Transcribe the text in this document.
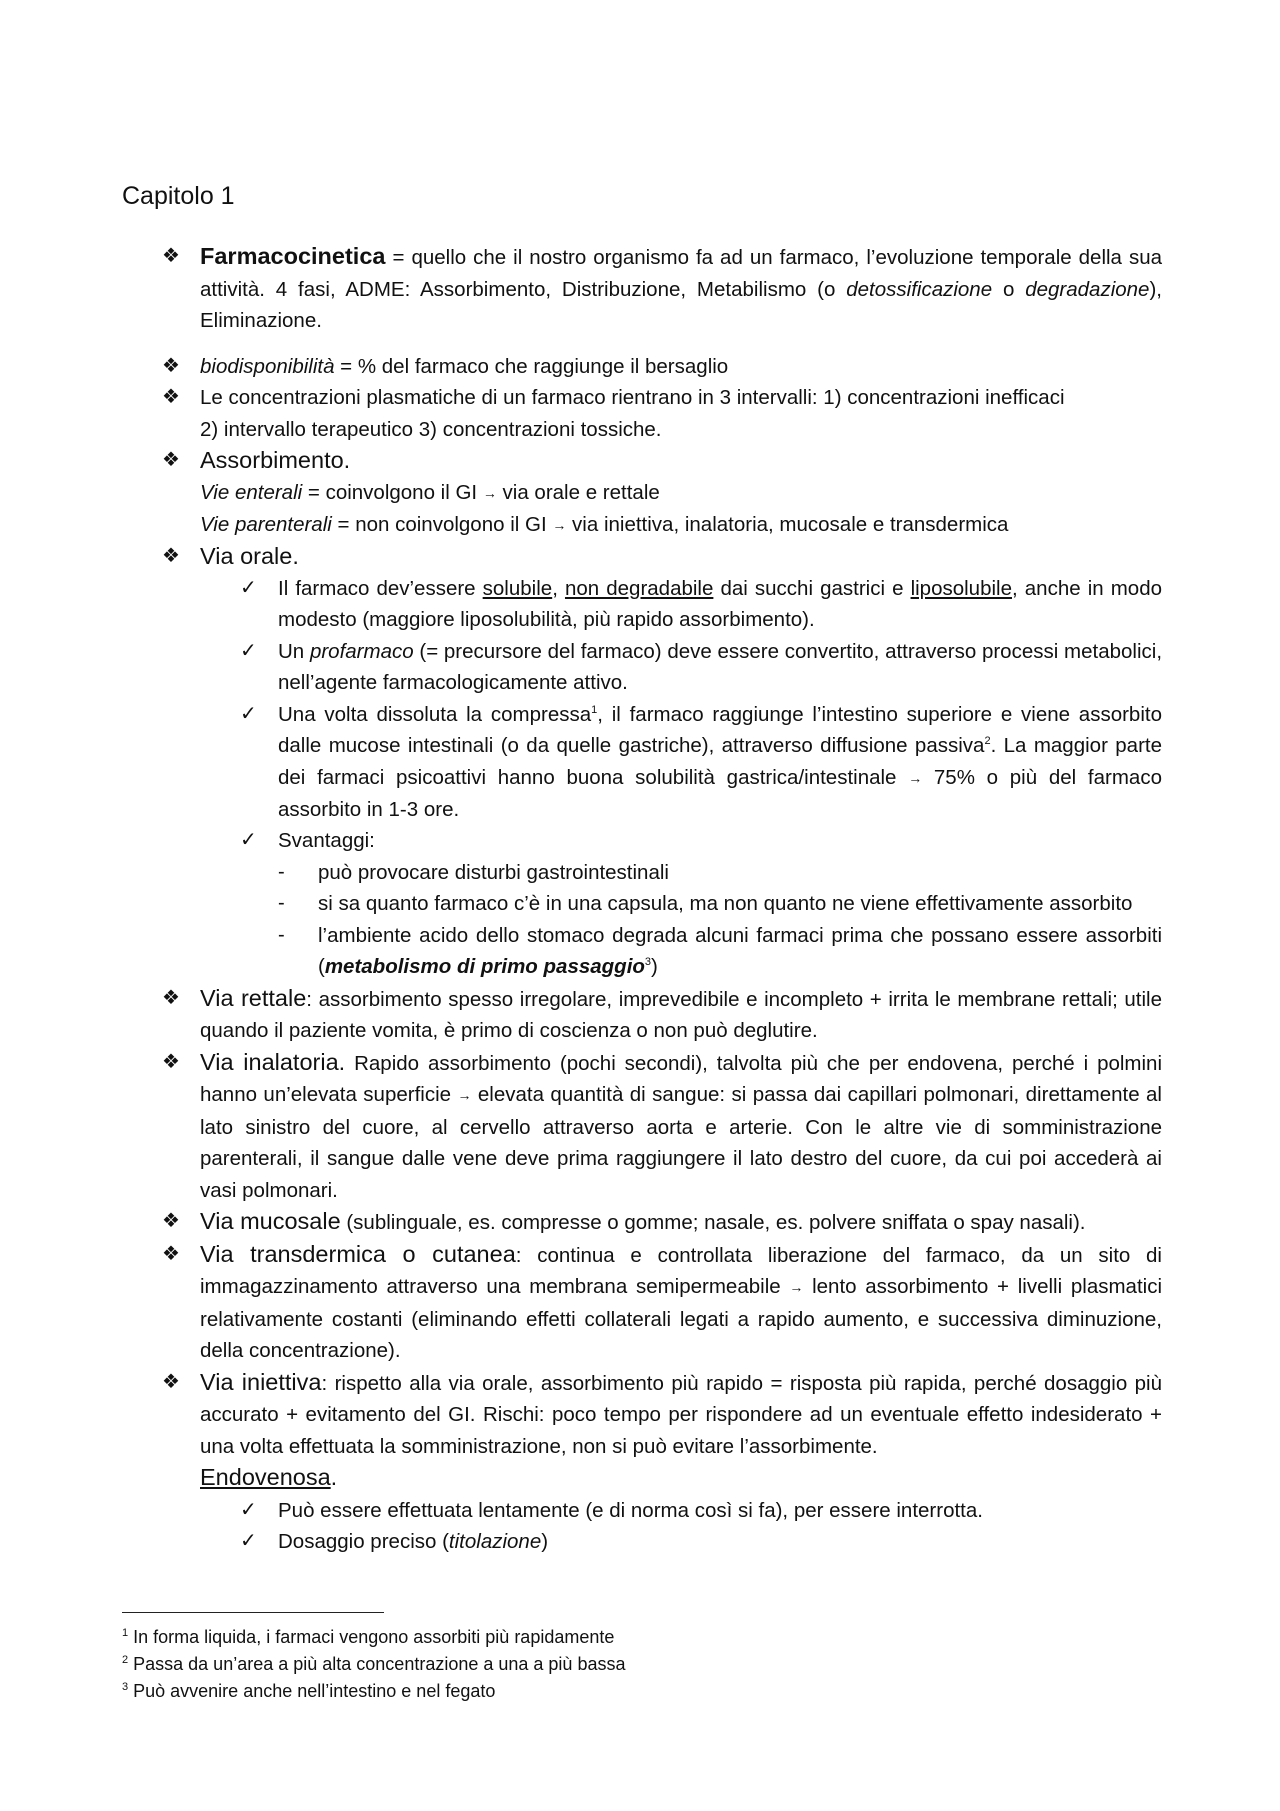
Capitolo 1
❖ Farmacocinetica = quello che il nostro organismo fa ad un farmaco, l’evoluzione temporale della sua attività. 4 fasi, ADME: Assorbimento, Distribuzione, Metabilismo (o detossificazione o degradazione), Eliminazione.
❖ biodisponibilità = % del farmaco che raggiunge il bersaglio
❖ Le concentrazioni plasmatiche di un farmaco rientrano in 3 intervalli: 1) concentrazioni inefficaci
2) intervallo terapeutico 3) concentrazioni tossiche.
❖ Assorbimento.
Vie enterali = coinvolgono il GI → via orale e rettale
Vie parenterali = non coinvolgono il GI → via iniettiva, inalatoria, mucosale e transdermica
❖ Via orale.
✓ Il farmaco dev’essere solubile, non degradabile dai succhi gastrici e liposolubile, anche in modo modesto (maggiore liposolubilità, più rapido assorbimento).
✓ Un profarmaco (= precursore del farmaco) deve essere convertito, attraverso processi metabolici, nell’agente farmacologicamente attivo.
✓ Una volta dissoluta la compressa$^1$, il farmaco raggiunge l’intestino superiore e viene assorbito dalle mucose intestinali (o da quelle gastriche), attraverso diffusione passiva$^2$. La maggior parte dei farmaci psicoattivi hanno buona solubilità gastrica/intestinale → 75% o più del farmaco assorbito in 1-3 ore.
✓ Svantaggi:
- può provocare disturbi gastrointestinali
- si sa quanto farmaco c’è in una capsula, ma non quanto ne viene effettivamente assorbito
- l’ambiente acido dello stomaco degrada alcuni farmaci prima che possano essere assorbiti (metabolismo di primo passaggio$^3$)
❖ Via rettale: assorbimento spesso irregolare, imprevedibile e incompleto + irrita le membrane rettali; utile quando il paziente vomita, è primo di coscienza o non può deglutire.
❖ Via inalatoria. Rapido assorbimento (pochi secondi), talvolta più che per endovena, perché i polmini hanno un’elevata superficie → elevata quantità di sangue: si passa dai capillari polmonari, direttamente al lato sinistro del cuore, al cervello attraverso aorta e arterie. Con le altre vie di somministrazione parenterali, il sangue dalle vene deve prima raggiungere il lato destro del cuore, da cui poi accederà ai vasi polmonari.
❖ Via mucosale (sublinguale, es. compresse o gomme; nasale, es. polvere sniffata o spay nasali).
❖ Via transdermica o cutanea: continua e controllata liberazione del farmaco, da un sito di immagazzinamento attraverso una membrana semipermeabile → lento assorbimento + livelli plasmatici relativamente costanti (eliminando effetti collaterali legati a rapido aumento, e successiva diminuzione, della concentrazione).
❖ Via iniettiva: rispetto alla via orale, assorbimento più rapido = risposta più rapida, perché dosaggio più accurato + evitamento del GI. Rischi: poco tempo per rispondere ad un eventuale effetto indesiderato + una volta effettuata la somministrazione, non si può evitare l’assorbimente.
Endovenosa.
✓ Può essere effettuata lentamente (e di norma così si fa), per essere interrotta.
✓ Dosaggio preciso (titolazione)
$^1$ In forma liquida, i farmaci vengono assorbiti più rapidamente
$^2$ Passa da un’area a più alta concentrazione a una a più bassa
$^3$ Può avvenire anche nell’intestino e nel fegato
